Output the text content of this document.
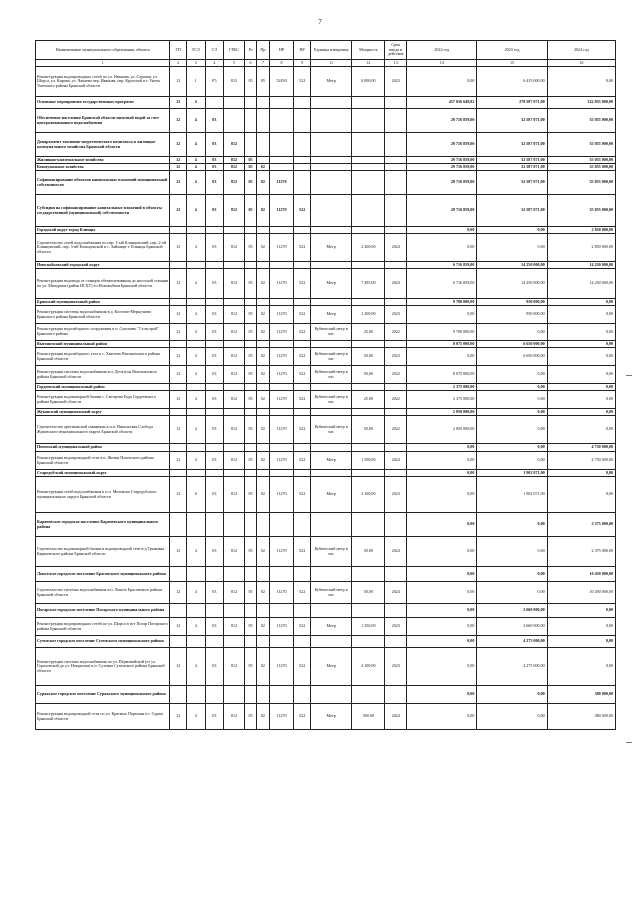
7
Наименование муниципального образования, объекта	ГП	ТСЭ	СЭ	ГРБС	Рз	Пр	НР	ВР	Единица измерения	Мощность	Срок ввода в действие	2022 год	2023 год	2024 год
1	2	3	4	5	6	7	8	9	11	12	13	14	15	16
Реконструкция водопроводных сетей по ул. Иванова, ул. Садовая, ул. Шорса, ул. Кирова, ул. Чапаева пер. Иванова, пер. Крупской в г. Унеча Унечского района Брянской области	12	1	F5	812	05	05	52430	522	Метр	6 000,00	2023	0,00	6 415 000,00	0,00
Основные мероприятия государственных программ	12	4										457 656 649,82	279 587 071,00	322 055 000,00
Обеспечение населения Брянской области питьевой водой за счет централизованного водоснабжения	12	4	03									29 716 859,00	32 587 071,00	35 055 000,00
Департамент топливно-энергетического комплекса и жилищно-коммунального хозяйства Брянской области	12	4	03	812								29 716 859,00	32 587 071,00	35 055 000,00
Жилищно-коммунальное хозяйство	12	4	03	812	05							29 716 859,00	32 587 071,00	35 055 000,00
Коммунальное хозяйство	12	4	03	812	05	02						29 716 859,00	32 587 071,00	35 055 000,00
Софинансирование объектов капитальных вложений муниципальной собственности	12	4	03	812	05	02	11270					29 716 859,00	32 587 071,00	35 055 000,00
Субсидии на софинансирование капитальных вложений в объекты государственной (муниципальной) собственности	12	4	03	812	05	02	11270	522				29 716 859,00	32 587 071,00	35 055 000,00
Городской округ город Клинцы												0,00	0,00	2 850 000,00
Строительство сетей водоснабжения по пер. 1-ый Клинцовский, пер. 2-ой Клинцовский, пер. 3-ий Клинцовский и с. Займище г. Клинцы Брянской области	12	4	03	812	05	02	11270	522	Метр	2 200,00	2024	0,00	0,00	2 850 000,00
Новозыбковский городской округ												6 716 859,00	14 250 000,00	14 250 000,00
Реконструкция водовода от станции обезжелезивания до насосной станции по ул. Мичурина (район НСХТ) в г.Новозыбков Брянской области	12	4	03	812	05	02	11270	522	Метр	7 495,00	2024	6 716 859,00	14 250 000,00	14 250 000,00
Брянский муниципальный район												9 700 000,00	950 000,00	0,00
Реконструкция системы водоснабжения в д. Колтово-Меркульево Брянского района Брянской области	12	4	03	812	05	02	11270	522	Метр	1 200,00	2023	0,00	950 000,00	0,00
Реконструкция водозаборного сооружения в п. Супонево "Сельстрой" Брянского района	12	4	03	812	05	02	11270	522	Кубический метр в час	25,00	2022	9 700 000,00	0,00	0,00
Выгоничский муниципальный район												8 075 000,00	6 650 000,00	0,00
Реконструкция водозаборного узла в с. Хмелево Выгоничского района Брянской области	12	4	03	812	05	02	11270	522	Кубический метр в час	50,00	2023	0,00	6 650 000,00	0,00
Реконструкция системы водоснабжения в п. Десятухи Выгоничского района Брянской области	12	4	03	812	05	02	11270	522	Кубический метр в час	50,00	2022	8 075 000,00	0,00	0,00
Гордеевский муниципальный район												2 375 000,00	0,00	0,00
Реконструкция водонапорной башни с. Смотрова Буда Гордеевского района Брянской области	12	4	03	812	05	02	11270	522	Кубический метр в час	25,00	2022	2 375 000,00	0,00	0,00
Жуковский муниципальный округ												2 850 000,00	0,00	0,00
Строительство артезианской скважины в н.п. Никольская Слобода Жуковского муниципального округа Брянской области	12	4	03	812	05	02	11270	522	Кубический метр в час	50,00	2022	2 850 000,00	0,00	0,00
Почепский муниципальный район												0,00	0,00	4 750 000,00
Реконструкция водопроводной сети в п. Житня Почепского района Брянской области	12	4	03	812	05	02	11270	522	Метр	1 500,00	2024	0,00	0,00	4 750 000,00
Стародубский муниципальный округ												0,00	1 902 071,00	0,00
Реконструкция сетей водоснабжения в п.п. Меленска Стародубского муниципального округа Брянской области	12	6	03	812	05	02	11270	522	Метр	2 100,00	2023	0,00	1 902 071,00	0,00
Карачевское городское поселение Карачевского муниципального района												0,00	0,00	2 375 000,00
Строительство водонапорной башни и водопроводной сети в д.Трыковка Карачевского района Брянской области	12	4	03	812	05	02	11270	522	Кубический метр в час	50,00	2024	0,00	0,00	2 375 000,00
Локотское городское поселение Брасовского муниципального района												0,00	0,00	10 450 000,00
Строительство системы водоснабжения в п. Локоть Брасовского района Брянской области	12	4	03	812	05	02	11270	522	Кубический метр в час	50,00	2024	0,00	0,00	10 450 000,00
Погарское городское поселение Погарского муниципального района												0,00	2 660 000,00	0,00
Реконструкция водопроводных сетей по ул. Щорса в пгт Погар Погарского района Брянской области	12	4	03	812	05	02	11270	522	Метр	1 350,00	2023	0,00	2 660 000,00	0,00
Суземское городское поселение Суземского муниципального района												0,00	4 275 000,00	0,00
Реконструкция системы водоснабжения по ул. Первомайской (от ул. Гороховской до ул. Некрасова) в п. Суземка Суземского района Брянской области	12	4	03	812	05	02	11270	522	Метр	4 100,00	2023	0,00	4 275 000,00	0,00
Суражское городское поселение Суражского муниципального района												0,00	0,00	380 000,00
Реконструкция водопроводной сети по ул. Красных Партизан в г. Сураж Брянской области	12	4	03	812	05	02	11270	522	Метр	500,00	2024	0,00	0,00	380 000,00
